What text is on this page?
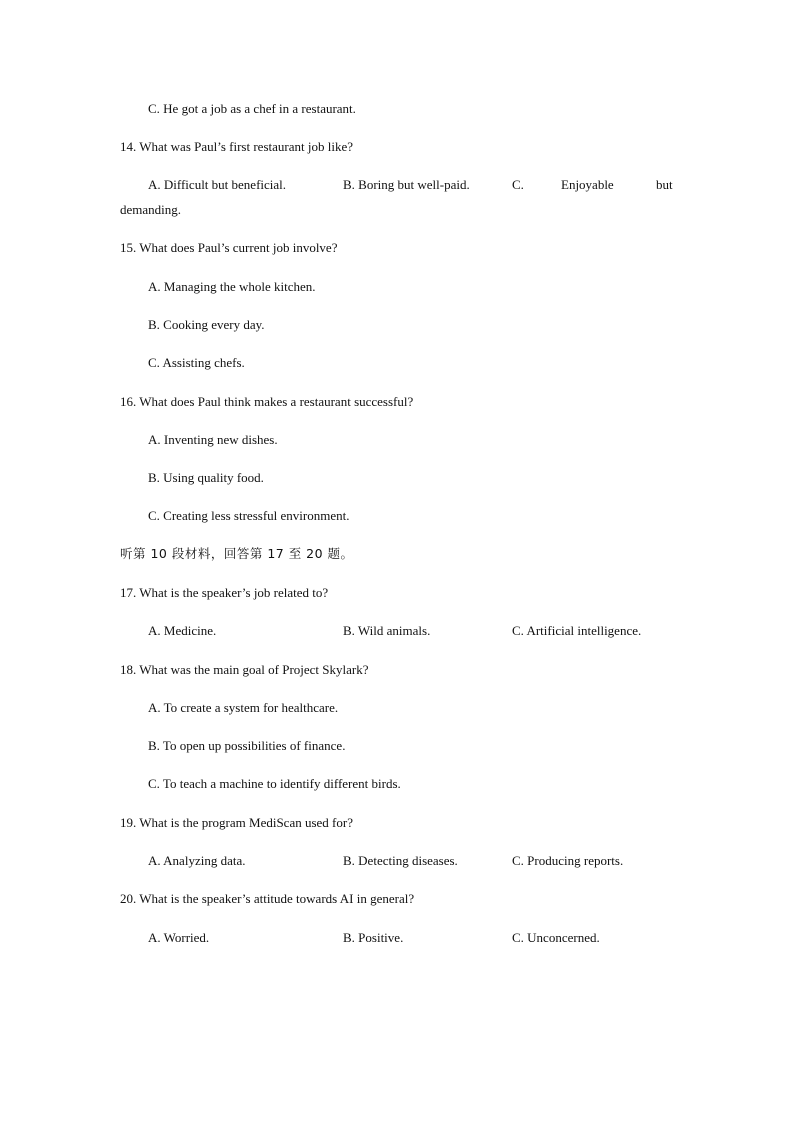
C. He got a job as a chef in a restaurant.
14. What was Paul’s first restaurant job like?
A. Difficult but beneficial.	B. Boring but well-paid.	C.	Enjoyable	but
demanding.
15. What does Paul’s current job involve?
A. Managing the whole kitchen.
B. Cooking every day.
C. Assisting chefs.
16. What does Paul think makes a restaurant successful?
A. Inventing new dishes.
B. Using quality food.
C. Creating less stressful environment.
听第 10 段材料，回答第 17 至 20 题。
17. What is the speaker’s job related to?
A. Medicine.	B. Wild animals.	C. Artificial intelligence.
18. What was the main goal of Project Skylark?
A. To create a system for healthcare.
B. To open up possibilities of finance.
C. To teach a machine to identify different birds.
19. What is the program MediScan used for?
A. Analyzing data.	B. Detecting diseases.	C. Producing reports.
20. What is the speaker’s attitude towards AI in general?
A. Worried.	B. Positive.	C. Unconcerned.
